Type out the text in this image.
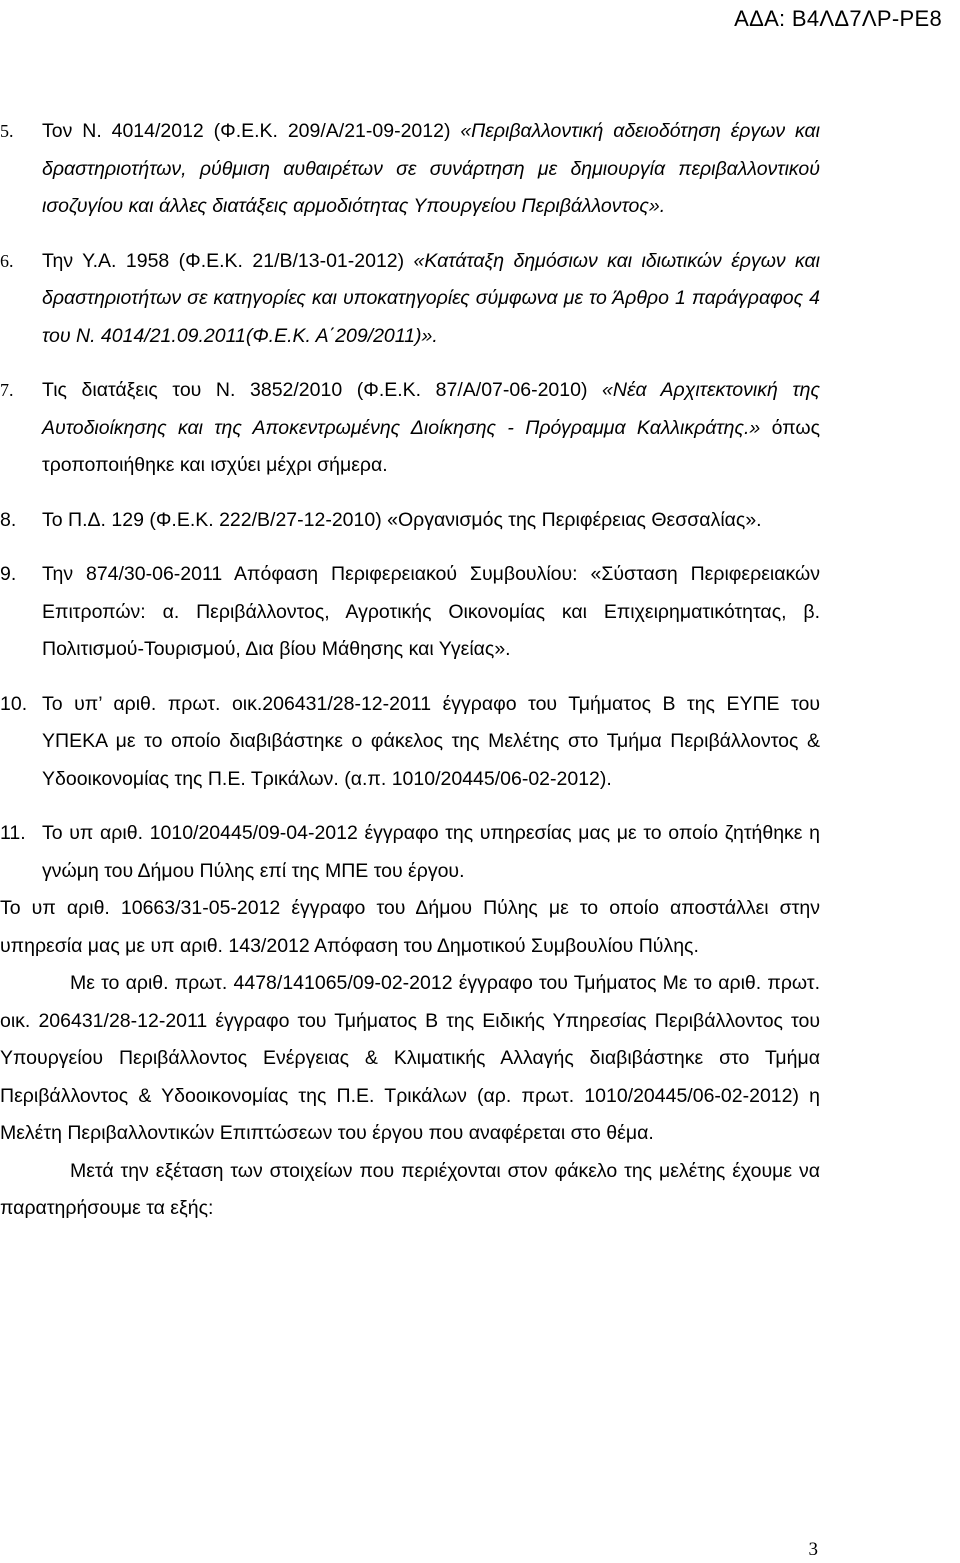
ΑΔΑ: Β4ΛΔ7ΛΡ-ΡΕ8
5. Τον Ν. 4014/2012 (Φ.Ε.Κ. 209/Α/21-09-2012) «Περιβαλλοντική αδειοδότηση έργων και δραστηριοτήτων, ρύθμιση αυθαιρέτων σε συνάρτηση με δημιουργία περιβαλλοντικού ισοζυγίου και άλλες διατάξεις αρμοδιότητας Υπουργείου Περιβάλλοντος».
6. Την Υ.Α. 1958 (Φ.Ε.Κ. 21/Β/13-01-2012) «Κατάταξη δημόσιων και ιδιωτικών έργων και δραστηριοτήτων σε κατηγορίες και υποκατηγορίες σύμφωνα με το Άρθρο 1 παράγραφος 4 του Ν. 4014/21.09.2011(Φ.Ε.Κ. Α΄209/2011)».
7. Τις διατάξεις του Ν. 3852/2010 (Φ.Ε.Κ. 87/Α/07-06-2010) «Νέα Αρχιτεκτονική της Αυτοδιοίκησης και της Αποκεντρωμένης Διοίκησης - Πρόγραμμα Καλλικράτης.» όπως τροποποιήθηκε και ισχύει μέχρι σήμερα.
8. Το Π.Δ. 129 (Φ.Ε.Κ. 222/Β/27-12-2010) «Οργανισμός της Περιφέρειας Θεσσαλίας».
9. Την 874/30-06-2011 Απόφαση Περιφερειακού Συμβουλίου: «Σύσταση Περιφερειακών Επιτροπών: α. Περιβάλλοντος, Αγροτικής Οικονομίας και Επιχειρηματικότητας, β. Πολιτισμού-Τουρισμού, Δια βίου Μάθησης και Υγείας».
10. Το υπ’ αριθ. πρωτ. οικ.206431/28-12-2011 έγγραφο του Τμήματος Β της ΕΥΠΕ του ΥΠΕΚΑ με το οποίο διαβιβάστηκε ο φάκελος της Μελέτης στο Τμήμα Περιβάλλοντος & Υδοοικονομίας της Π.Ε. Τρικάλων. (α.π. 1010/20445/06-02-2012).
11. Το υπ αριθ. 1010/20445/09-04-2012 έγγραφο της υπηρεσίας μας με το οποίο ζητήθηκε η γνώμη του Δήμου Πύλης επί της ΜΠΕ του έργου.
Το υπ αριθ. 10663/31-05-2012 έγγραφο του Δήμου Πύλης με το οποίο αποστάλλει στην υπηρεσία μας με υπ αριθ. 143/2012 Απόφαση του Δημοτικού Συμβουλίου Πύλης.
Με το αριθ. πρωτ. 4478/141065/09-02-2012 έγγραφο του Τμήματος Με το αριθ. πρωτ. οικ. 206431/28-12-2011 έγγραφο του Τμήματος Β της Ειδικής Υπηρεσίας Περιβάλλοντος του Υπουργείου Περιβάλλοντος Ενέργειας & Κλιματικής Αλλαγής διαβιβάστηκε στο Τμήμα Περιβάλλοντος & Υδοοικονομίας της Π.Ε. Τρικάλων (αρ. πρωτ. 1010/20445/06-02-2012) η Μελέτη Περιβαλλοντικών Επιπτώσεων του έργου που αναφέρεται στο θέμα.
Μετά την εξέταση των στοιχείων που περιέχονται στον φάκελο της μελέτης έχουμε να παρατηρήσουμε τα εξής:
3
